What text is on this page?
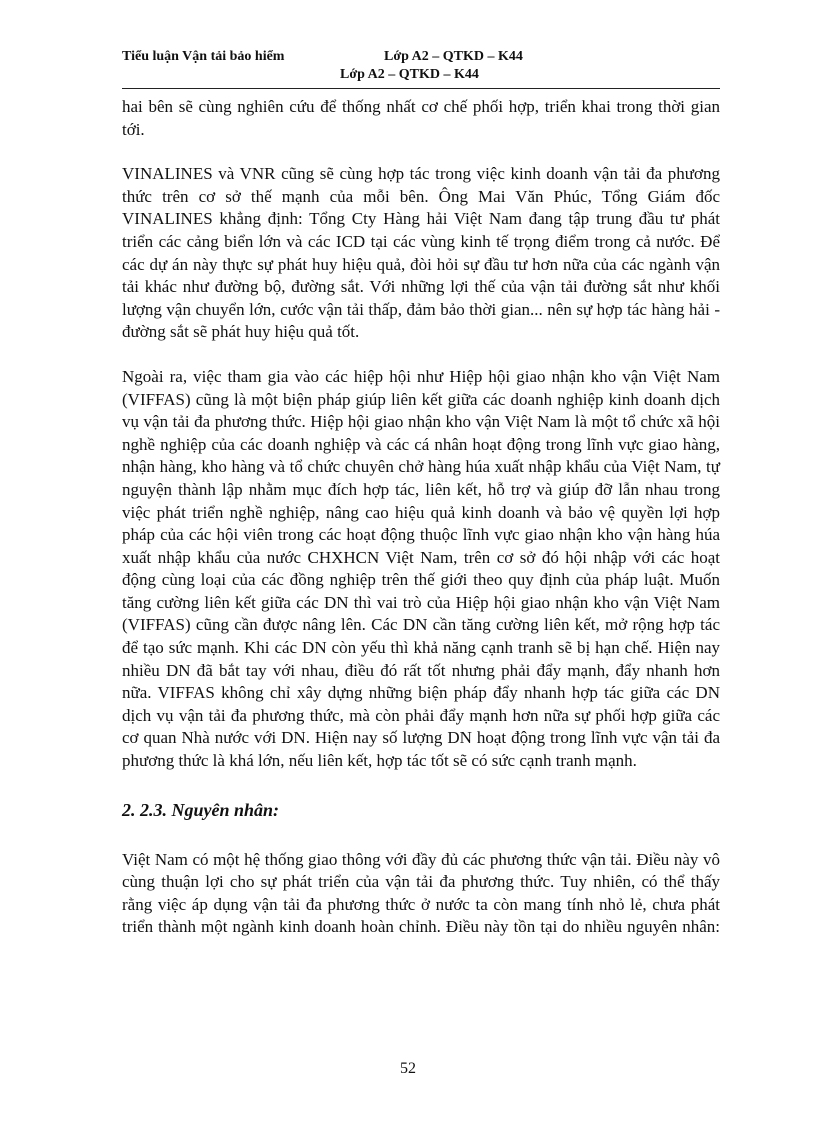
Tiểu luận Vận tải bảo hiểm	Lớp A2 – QTKD – K44
Lớp A2 – QTKD – K44

hai bên sẽ cùng nghiên cứu để thống nhất cơ chế phối hợp, triển khai trong thời gian tới.

VINALINES và VNR cũng sẽ cùng hợp tác trong việc kinh doanh vận tải đa phương thức trên cơ sở thế mạnh của mỗi bên. Ông Mai Văn Phúc, Tổng Giám đốc VINALINES khẳng định: Tổng Cty Hàng hải Việt Nam đang tập trung đầu tư phát triển các cảng biển lớn và các ICD tại các vùng kinh tế trọng điểm trong cả nước. Để các dự án này thực sự phát huy hiệu quả, đòi hỏi sự đầu tư hơn nữa của các ngành vận tải khác như đường bộ, đường sắt. Với những lợi thế của vận tải đường sắt như khối lượng vận chuyển lớn, cước vận tải thấp, đảm bảo thời gian... nên sự hợp tác hàng hải - đường sắt sẽ phát huy hiệu quả tốt.

Ngoài ra, việc tham gia vào các hiệp hội như Hiệp hội giao nhận kho vận Việt Nam (VIFFAS) cũng là một biện pháp giúp liên kết giữa các doanh nghiệp kinh doanh dịch vụ vận tải đa phương thức. Hiệp hội giao nhận kho vận Việt Nam là một tổ chức xã hội nghề nghiệp của các doanh nghiệp và các cá nhân hoạt động trong lĩnh vực giao hàng, nhận hàng, kho hàng và tổ chức chuyên chở hàng húa xuất nhập khẩu của Việt Nam, tự nguyện thành lập nhằm mục đích hợp tác, liên kết, hỗ trợ và giúp đỡ lẫn nhau trong việc phát triển nghề nghiệp, nâng cao hiệu quả kinh doanh và bảo vệ quyền lợi hợp pháp của các hội viên trong các hoạt động thuộc lĩnh vực giao nhận kho vận hàng húa xuất nhập khẩu của nước CHXHCN Việt Nam, trên cơ sở đó hội nhập với các hoạt động cùng loại của các đồng nghiệp trên thế giới theo quy định của pháp luật. Muốn tăng cường liên kết giữa các DN thì vai trò của Hiệp hội giao nhận kho vận Việt Nam (VIFFAS) cũng cần được nâng lên. Các DN cần tăng cường liên kết, mở rộng hợp tác để tạo sức mạnh. Khi các DN còn yếu thì khả năng cạnh tranh sẽ bị hạn chế. Hiện nay nhiều DN đã bắt tay với nhau, điều đó rất tốt nhưng phải đẩy mạnh, đẩy nhanh hơn nữa. VIFFAS không chỉ xây dựng những biện pháp đẩy nhanh hợp tác giữa các DN dịch vụ vận tải đa phương thức, mà còn phải đẩy mạnh hơn nữa sự phối hợp giữa các cơ quan Nhà nước với DN. Hiện nay số lượng DN hoạt động trong lĩnh vực vận tải đa phương thức là khá lớn, nếu liên kết, hợp tác tốt sẽ có sức cạnh tranh mạnh.

2. 2.3. Nguyên nhân:

Việt Nam có một hệ thống giao thông với đầy đủ các phương thức vận tải. Điều này vô cùng thuận lợi cho sự phát triển của vận tải đa phương thức. Tuy nhiên, có thể thấy rằng việc áp dụng vận tải đa phương thức ở nước ta còn mang tính nhỏ lẻ, chưa phát triển thành một ngành kinh doanh hoàn chỉnh. Điều này tồn tại do nhiều nguyên nhân:

52
